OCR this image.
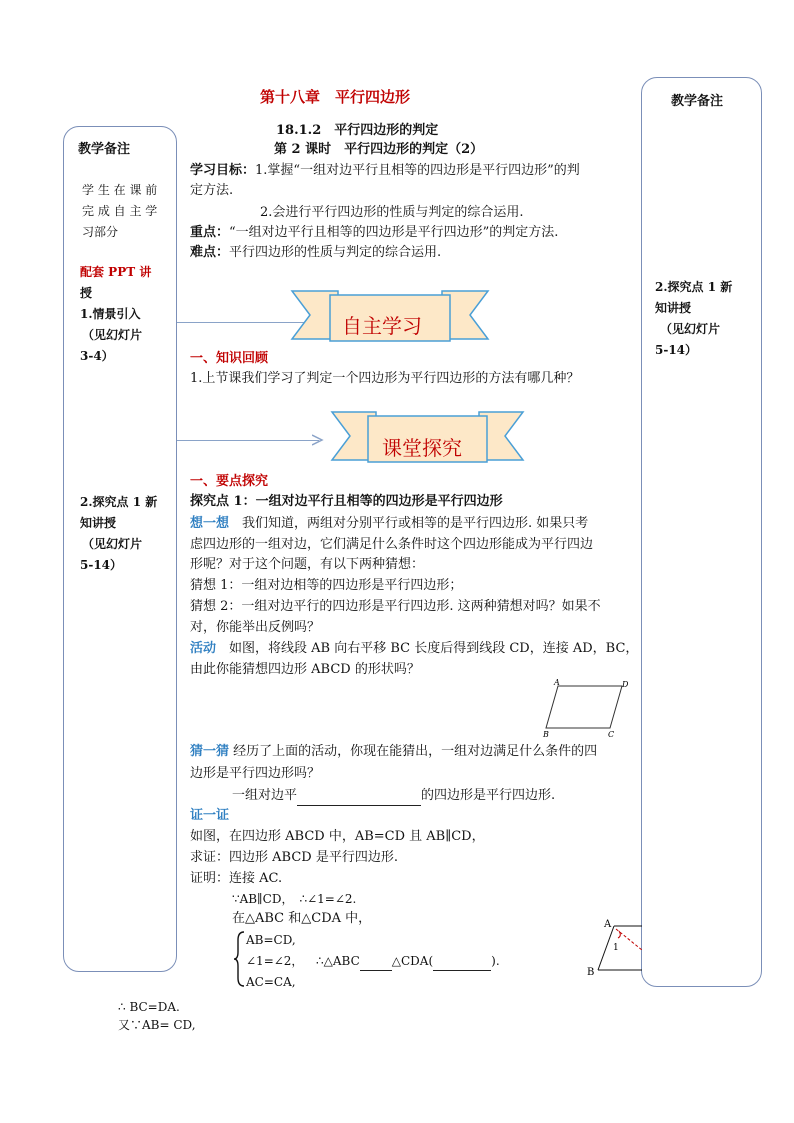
教学备注
学 生 在 课 前
完 成 自 主 学
习部分
配套 PPT 讲
授
1.情景引入
（见幻灯片
3-4）
2.探究点 1 新
知讲授
（见幻灯片
5-14）
教学备注
2.探究点 1 新
知讲授
（见幻灯片
5-14）
第十八章　平行四边形
18.1.2　平行四边形的判定
第 2 课时　平行四边形的判定（2）
学习目标：1.掌握“一组对边平行且相等的四边形是平行四边形”的判
定方法.
2.会进行平行四边形的性质与判定的综合运用.
重点：“一组对边平行且相等的四边形是平行四边形”的判定方法.
难点：平行四边形的性质与判定的综合运用.
自主学习
一、知识回顾
1.上节课我们学习了判定一个四边形为平行四边形的方法有哪几种？
课堂探究
一、要点探究
探究点 1：一组对边平行且相等的四边形是平行四边形
想一想　我们知道，两组对分别平行或相等的是平行四边形. 如果只考
虑四边形的一组对边，它们满足什么条件时这个四边形能成为平行四边
形呢？对于这个问题，有以下两种猜想：
猜想 1：一组对边相等的四边形是平行四边形；
猜想 2：一组对边平行的四边形是平行四边形. 这两种猜想对吗？如果不
对，你能举出反例吗？
活动　如图，将线段 AB 向右平移 BC 长度后得到线段 CD，连接 AD，BC，
由此你能猜想四边形 ABCD 的形状吗？
A	D
B	C
猜一猜 经历了上面的活动，你现在能猜出，一组对边满足什么条件的四
边形是平行四边形吗？
一组对边平	的四边形是平行四边形.
证一证
如图，在四边形 ABCD 中，AB=CD 且 AB∥CD，
求证：四边形 ABCD 是平行四边形.
证明：连接 AC.
∵AB∥CD，　∴∠1=∠2.
在△ABC 和△CDA 中，
AB=CD,
∠1=∠2， ∴△ABC	△CDA(	).
AC=CA,
A
B
1
∴ BC=DA.
又∵AB= CD,
